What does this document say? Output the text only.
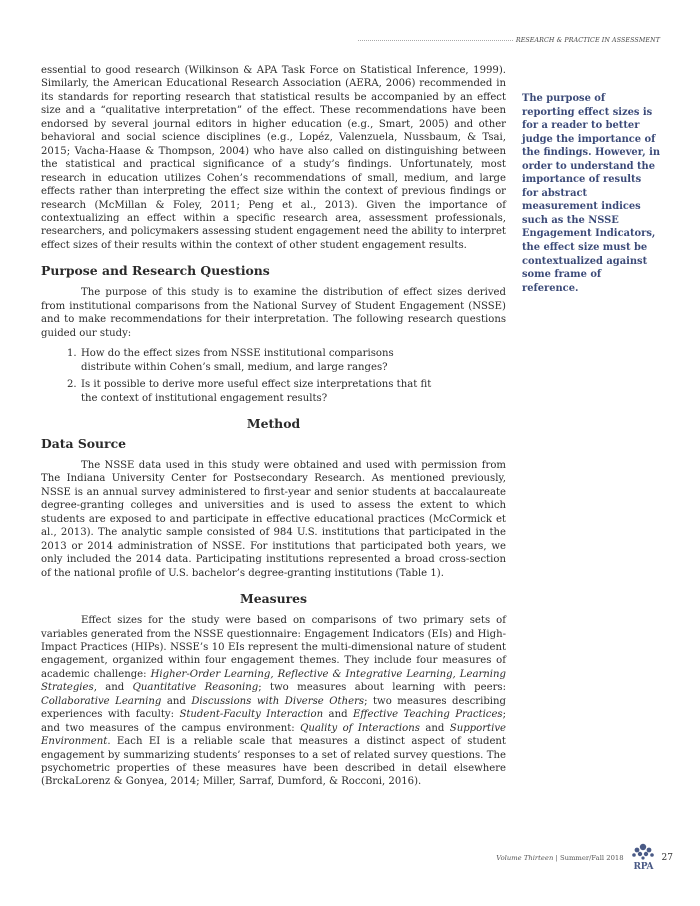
RESEARCH & PRACTICE IN ASSESSMENT

essential to good research (Wilkinson & APA Task Force on Statistical Inference, 1999). Similarly, the American Educational Research Association (AERA, 2006) recommended in its standards for reporting research that statistical results be accompanied by an effect size and a “qualitative interpretation” of the effect. These recommendations have been endorsed by several journal editors in higher education (e.g., Smart, 2005) and other behavioral and social science disciplines (e.g., Lopéz, Valenzuela, Nussbaum, & Tsai, 2015; Vacha-Haase & Thompson, 2004) who have also called on distinguishing between the statistical and practical significance of a study’s findings. Unfortunately, most research in education utilizes Cohen’s recommendations of small, medium, and large effects rather than interpreting the effect size within the context of previous findings or research (McMillan & Foley, 2011; Peng et al., 2013). Given the importance of contextualizing an effect within a specific research area, assessment professionals, researchers, and policymakers assessing student engagement need the ability to interpret effect sizes of their results within the context of other student engagement results.

Purpose and Research Questions

The purpose of this study is to examine the distribution of effect sizes derived from institutional comparisons from the National Survey of Student Engagement (NSSE) and to make recommendations for their interpretation. The following research questions guided our study:

1. How do the effect sizes from NSSE institutional comparisons distribute within Cohen’s small, medium, and large ranges?
2. Is it possible to derive more useful effect size interpretations that fit the context of institutional engagement results?
Method
Data Source

The NSSE data used in this study were obtained and used with permission from The Indiana University Center for Postsecondary Research. As mentioned previously, NSSE is an annual survey administered to first-year and senior students at baccalaureate degree-granting colleges and universities and is used to assess the extent to which students are exposed to and participate in effective educational practices (McCormick et al., 2013). The analytic sample consisted of 984 U.S. institutions that participated in the 2013 or 2014 administration of NSSE. For institutions that participated both years, we only included the 2014 data. Participating institutions represented a broad cross-section of the national profile of U.S. bachelor’s degree-granting institutions (Table 1).

Measures

Effect sizes for the study were based on comparisons of two primary sets of variables generated from the NSSE questionnaire: Engagement Indicators (EIs) and High-Impact Practices (HIPs). NSSE’s 10 EIs represent the multi-dimensional nature of student engagement, organized within four engagement themes. They include four measures of academic challenge: Higher-Order Learning, Reflective & Integrative Learning, Learning Strategies, and Quantitative Reasoning; two measures about learning with peers: Collaborative Learning and Discussions with Diverse Others; two measures describing experiences with faculty: Student-Faculty Interaction and Effective Teaching Practices; and two measures of the campus environment: Quality of Interactions and Supportive Environment. Each EI is a reliable scale that measures a distinct aspect of student engagement by summarizing students’ responses to a set of related survey questions. The psychometric properties of these measures have been described in detail elsewhere (BrckaLorenz & Gonyea, 2014; Miller, Sarraf, Dumford, & Rocconi, 2016).

The purpose of reporting effect sizes is for a reader to better judge the importance of the findings. However, in order to understand the importance of results for abstract measurement indices such as the NSSE Engagement Indicators, the effect size must be contextualized against some frame of reference.
Volume Thirteen | Summer/Fall 2018
RPA
27
